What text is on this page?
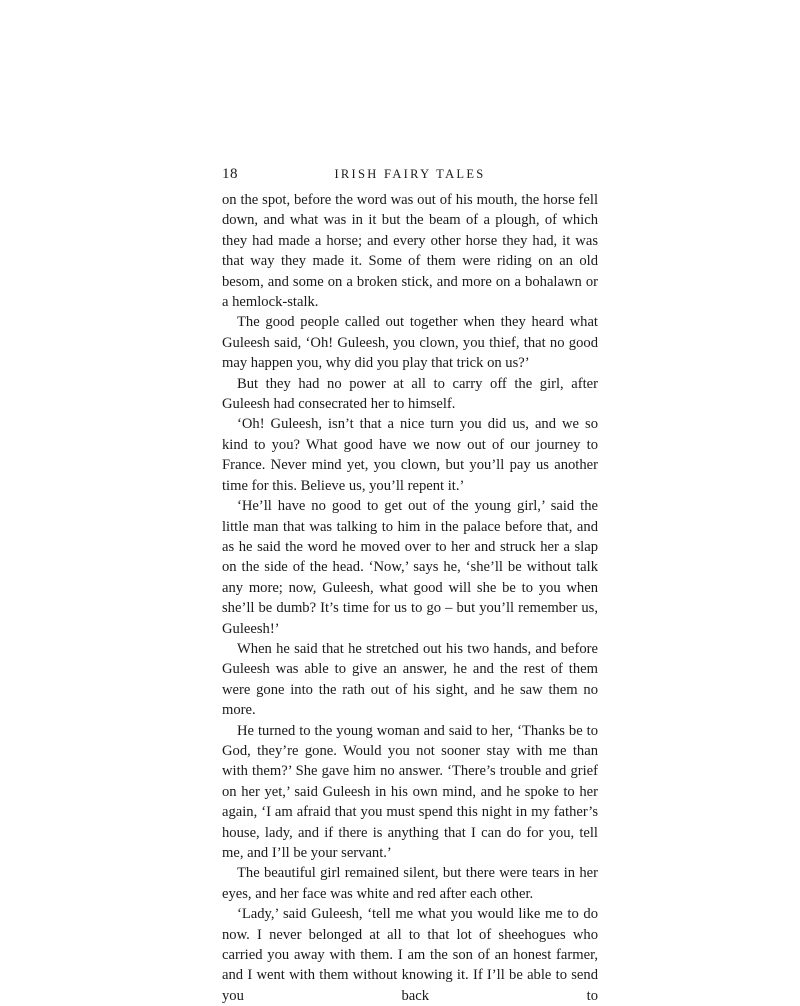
18	IRISH FAIRY TALES

on the spot, before the word was out of his mouth, the horse fell down, and what was in it but the beam of a plough, of which they had made a horse; and every other horse they had, it was that way they made it. Some of them were riding on an old besom, and some on a broken stick, and more on a bohalawn or a hemlock-stalk.

The good people called out together when they heard what Guleesh said, ‘Oh! Guleesh, you clown, you thief, that no good may happen you, why did you play that trick on us?’

But they had no power at all to carry off the girl, after Guleesh had consecrated her to himself.

‘Oh! Guleesh, isn’t that a nice turn you did us, and we so kind to you? What good have we now out of our journey to France. Never mind yet, you clown, but you’ll pay us another time for this. Believe us, you’ll repent it.’

‘He’ll have no good to get out of the young girl,’ said the little man that was talking to him in the palace before that, and as he said the word he moved over to her and struck her a slap on the side of the head. ‘Now,’ says he, ‘she’ll be without talk any more; now, Guleesh, what good will she be to you when she’ll be dumb? It’s time for us to go – but you’ll remember us, Guleesh!’

When he said that he stretched out his two hands, and before Guleesh was able to give an answer, he and the rest of them were gone into the rath out of his sight, and he saw them no more.

He turned to the young woman and said to her, ‘Thanks be to God, they’re gone. Would you not sooner stay with me than with them?’ She gave him no answer. ‘There’s trouble and grief on her yet,’ said Guleesh in his own mind, and he spoke to her again, ‘I am afraid that you must spend this night in my father’s house, lady, and if there is anything that I can do for you, tell me, and I’ll be your servant.’

The beautiful girl remained silent, but there were tears in her eyes, and her face was white and red after each other.

‘Lady,’ said Guleesh, ‘tell me what you would like me to do now. I never belonged at all to that lot of sheehogues who carried you away with them. I am the son of an honest farmer, and I went with them without knowing it. If I’ll be able to send you back to
